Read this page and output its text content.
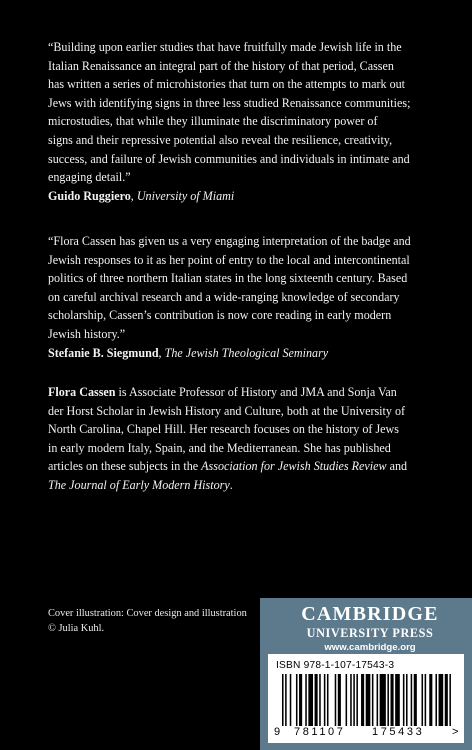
“Building upon earlier studies that have fruitfully made Jewish life in the
Italian Renaissance an integral part of the history of that period, Cassen
has written a series of microhistories that turn on the attempts to mark out
Jews with identifying signs in three less studied Renaissance communities;
microstudies, that while they illuminate the discriminatory power of
signs and their repressive potential also reveal the resilience, creativity,
success, and failure of Jewish communities and individuals in intimate and
engaging detail.”
Guido Ruggiero, University of Miami
“Flora Cassen has given us a very engaging interpretation of the badge and
Jewish responses to it as her point of entry to the local and intercontinental
politics of three northern Italian states in the long sixteenth century. Based
on careful archival research and a wide-ranging knowledge of secondary
scholarship, Cassen’s contribution is now core reading in early modern
Jewish history.”
Stefanie B. Siegmund, The Jewish Theological Seminary
Flora Cassen is Associate Professor of History and JMA and Sonja Van
der Horst Scholar in Jewish History and Culture, both at the University of
North Carolina, Chapel Hill. Her research focuses on the history of Jews
in early modern Italy, Spain, and the Mediterranean. She has published
articles on these subjects in the Association for Jewish Studies Review and
The Journal of Early Modern History.
Cover illustration: Cover design and illustration
© Julia Kuhl.
CAMBRIDGE
UNIVERSITY PRESS
www.cambridge.org
ISBN 978-1-107-17543-3
9 781107 175433	>
